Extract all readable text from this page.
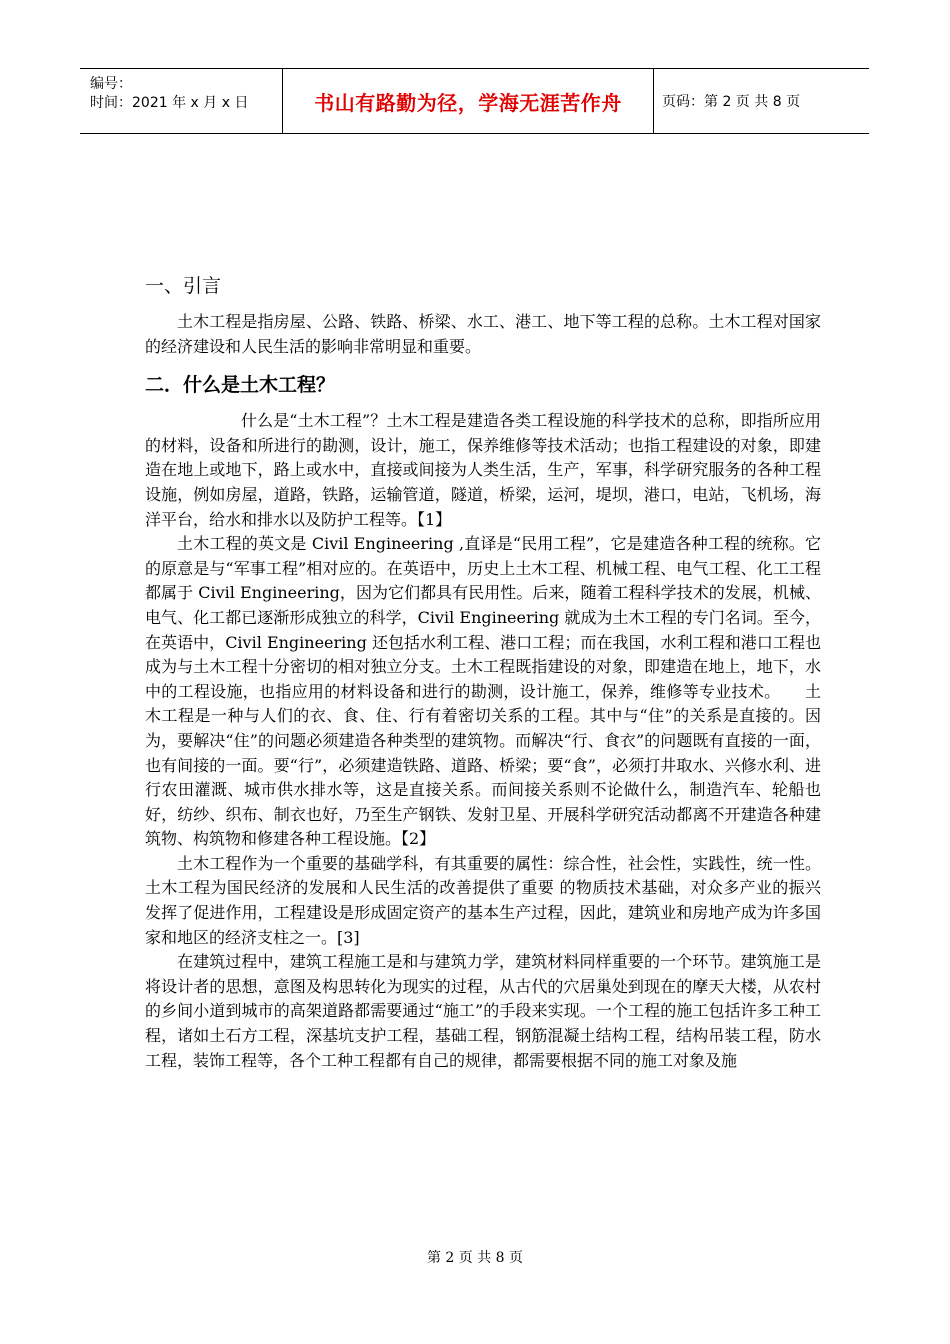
编号：
时间：2021 年 x 月 x 日	书山有路勤为径，学海无涯苦作舟	页码：第 2 页 共 8 页
一、引言

土木工程是指房屋、公路、铁路、桥梁、水工、港工、地下等工程的总称。土木工程对国家的经济建设和人民生活的影响非常明显和重要。

二．什么是土木工程？

什么是“土木工程”？土木工程是建造各类工程设施的科学技术的总称，即指所应用的材料，设备和所进行的勘测，设计，施工，保养维修等技术活动；也指工程建设的对象，即建造在地上或地下，路上或水中，直接或间接为人类生活，生产，军事，科学研究服务的各种工程设施，例如房屋，道路，铁路，运输管道，隧道，桥梁，运河，堤坝，港口，电站，飞机场，海洋平台，给水和排水以及防护工程等。【1】

土木工程的英文是 Civil Engineering ,直译是“民用工程”，它是建造各种工程的统称。它的原意是与“军事工程”相对应的。在英语中，历史上土木工程、机械工程、电气工程、化工工程都属于 Civil Engineering，因为它们都具有民用性。后来，随着工程科学技术的发展，机械、电气、化工都已逐渐形成独立的科学，Civil Engineering 就成为土木工程的专门名词。至今，在英语中，Civil Engineering 还包括水利工程、港口工程；而在我国，水利工程和港口工程也成为与土木工程十分密切的相对独立分支。土木工程既指建设的对象，即建造在地上，地下，水中的工程设施，也指应用的材料设备和进行的勘测，设计施工，保养，维修等专业技术。　　土木工程是一种与人们的衣、食、住、行有着密切关系的工程。其中与“住”的关系是直接的。因为，要解决“住”的问题必须建造各种类型的建筑物。而解决“行、食衣”的问题既有直接的一面，也有间接的一面。要“行”，必须建造铁路、道路、桥梁；要“食”，必须打井取水、兴修水利、进行农田灌溉、城市供水排水等，这是直接关系。而间接关系则不论做什么，制造汽车、轮船也好，纺纱、织布、制衣也好，乃至生产钢铁、发射卫星、开展科学研究活动都离不开建造各种建筑物、构筑物和修建各种工程设施。【2】

土木工程作为一个重要的基础学科，有其重要的属性：综合性，社会性，实践性，统一性。土木工程为国民经济的发展和人民生活的改善提供了重要 的物质技术基础，对众多产业的振兴发挥了促进作用，工程建设是形成固定资产的基本生产过程，因此，建筑业和房地产成为许多国家和地区的经济支柱之一。[3]

在建筑过程中，建筑工程施工是和与建筑力学，建筑材料同样重要的一个环节。建筑施工是将设计者的思想，意图及构思转化为现实的过程，从古代的穴居巢处到现在的摩天大楼，从农村的乡间小道到城市的高架道路都需要通过“施工”的手段来实现。一个工程的施工包括许多工种工程，诸如土石方工程，深基坑支护工程，基础工程，钢筋混凝土结构工程，结构吊装工程，防水工程，装饰工程等，各个工种工程都有自己的规律，都需要根据不同的施工对象及施

第 2 页 共 8 页
